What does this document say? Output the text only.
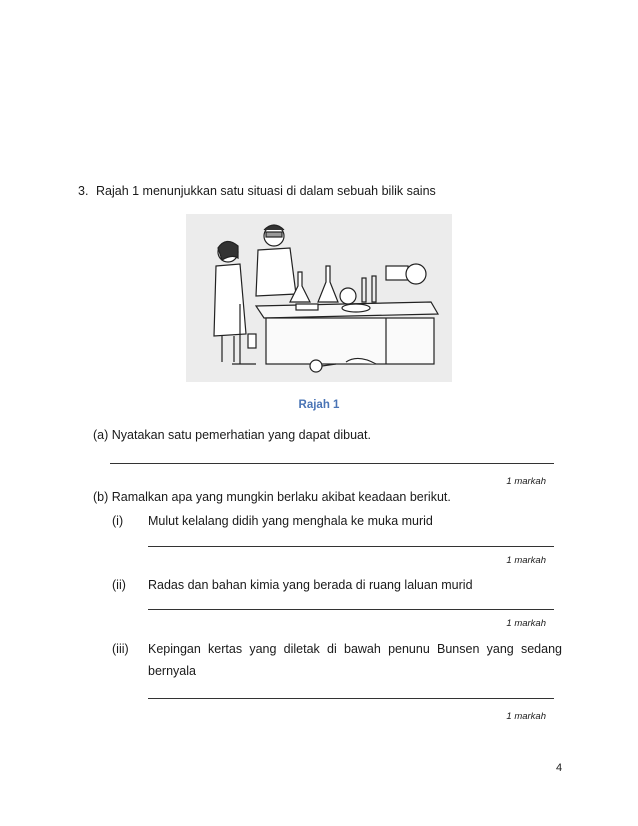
3. Rajah 1 menunjukkan satu situasi di dalam sebuah bilik sains
Rajah 1
(a) Nyatakan satu pemerhatian yang dapat dibuat.
1 markah
(b) Ramalkan apa yang mungkin berlaku akibat keadaan berikut.
(i) Mulut kelalang didih yang menghala ke muka murid
1 markah
(ii) Radas dan bahan kimia yang berada di ruang laluan murid
1 markah
(iii) Kepingan kertas yang diletak di bawah penunu Bunsen yang sedang
bernyala
1 markah
4
